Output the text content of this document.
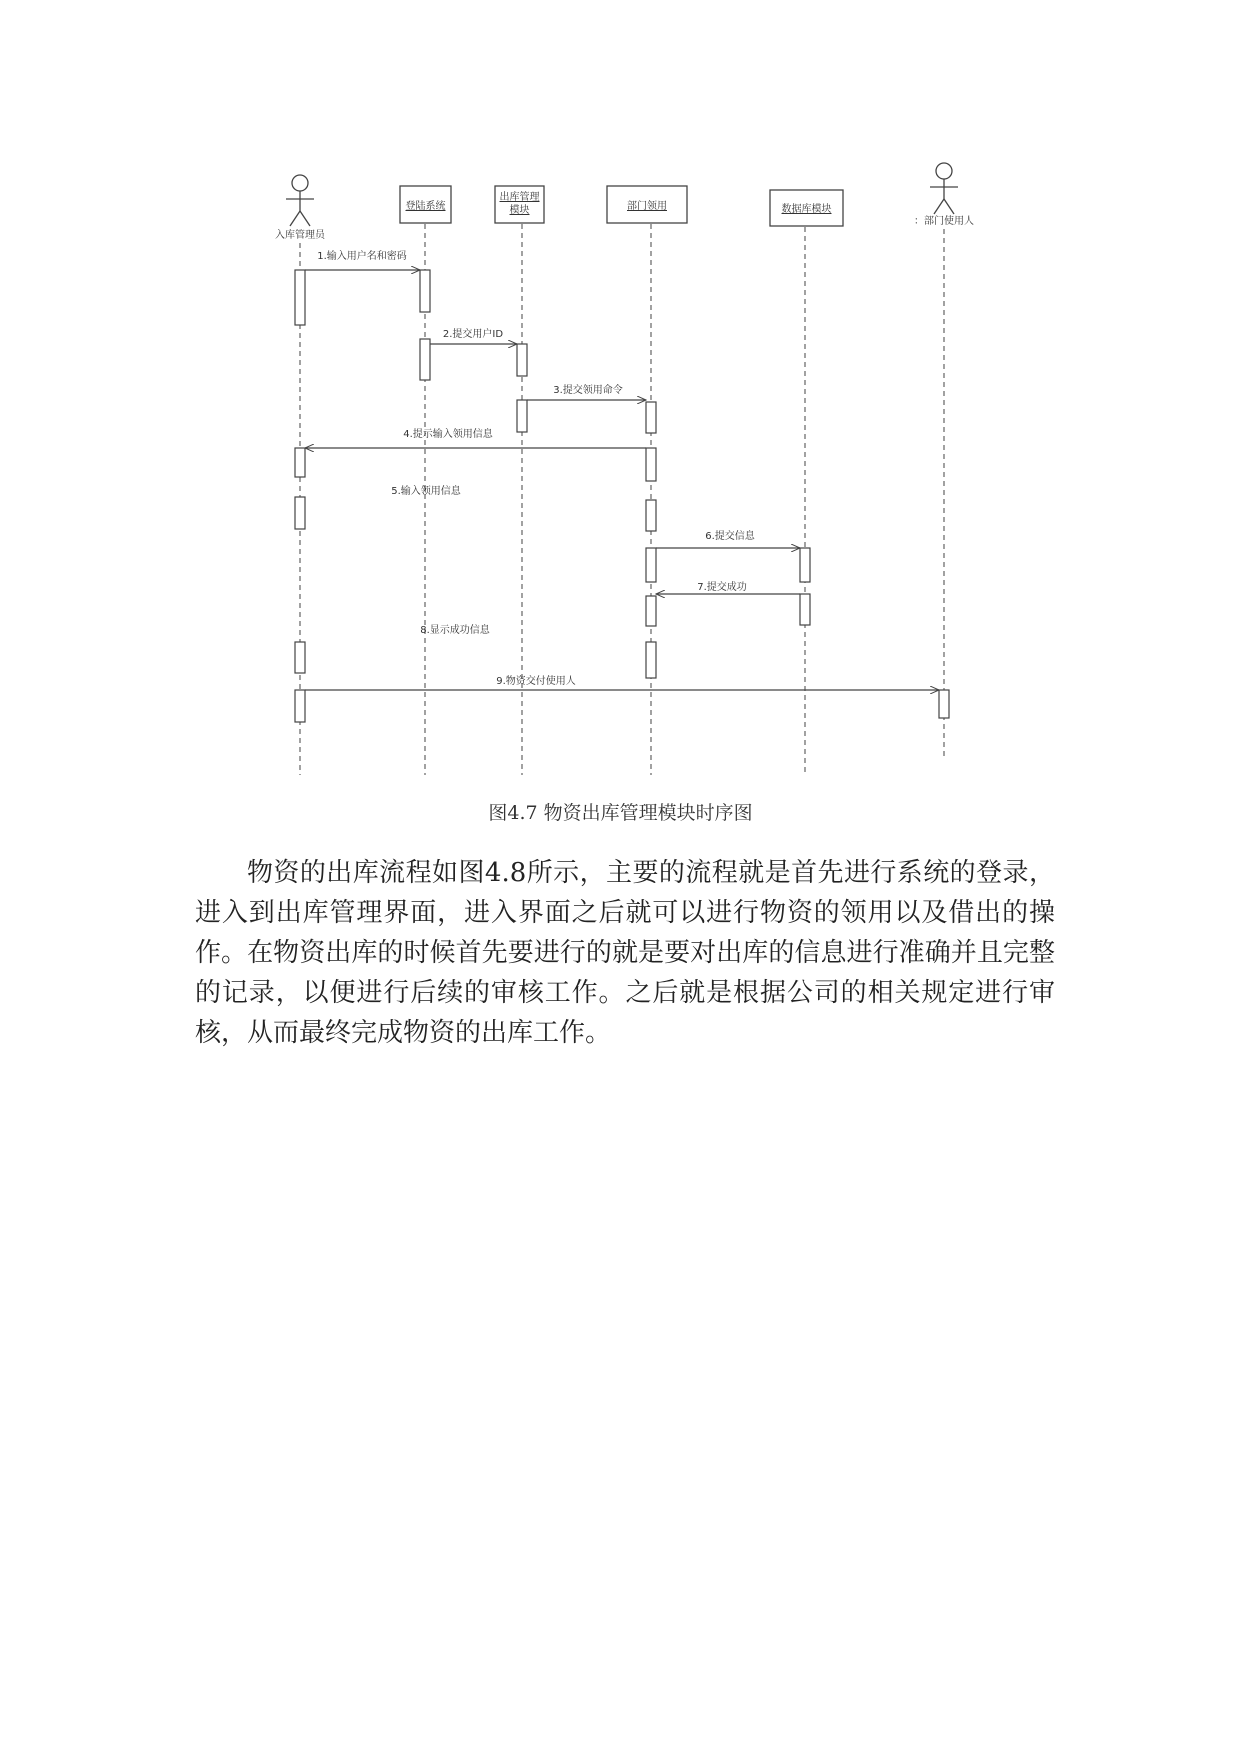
入库管理员
登陆系统
出库管理
模块	部门领用	数据库模块
：部门使用人
1.输入用户名和密码
2.提交用户ID
3.提交领用命令
4.提示输入领用信息
5.输入领用信息
6.提交信息
7.提交成功
8.显示成功信息
9.物资交付使用人
图4.7 物资出库管理模块时序图

物资的出库流程如图4.8所示，主要的流程就是首先进行系统的登录，进入到出库管理界面，进入界面之后就可以进行物资的领用以及借出的操作。在物资出库的时候首先要进行的就是要对出库的信息进行准确并且完整的记录，以便进行后续的审核工作。之后就是根据公司的相关规定进行审核，从而最终完成物资的出库工作。
